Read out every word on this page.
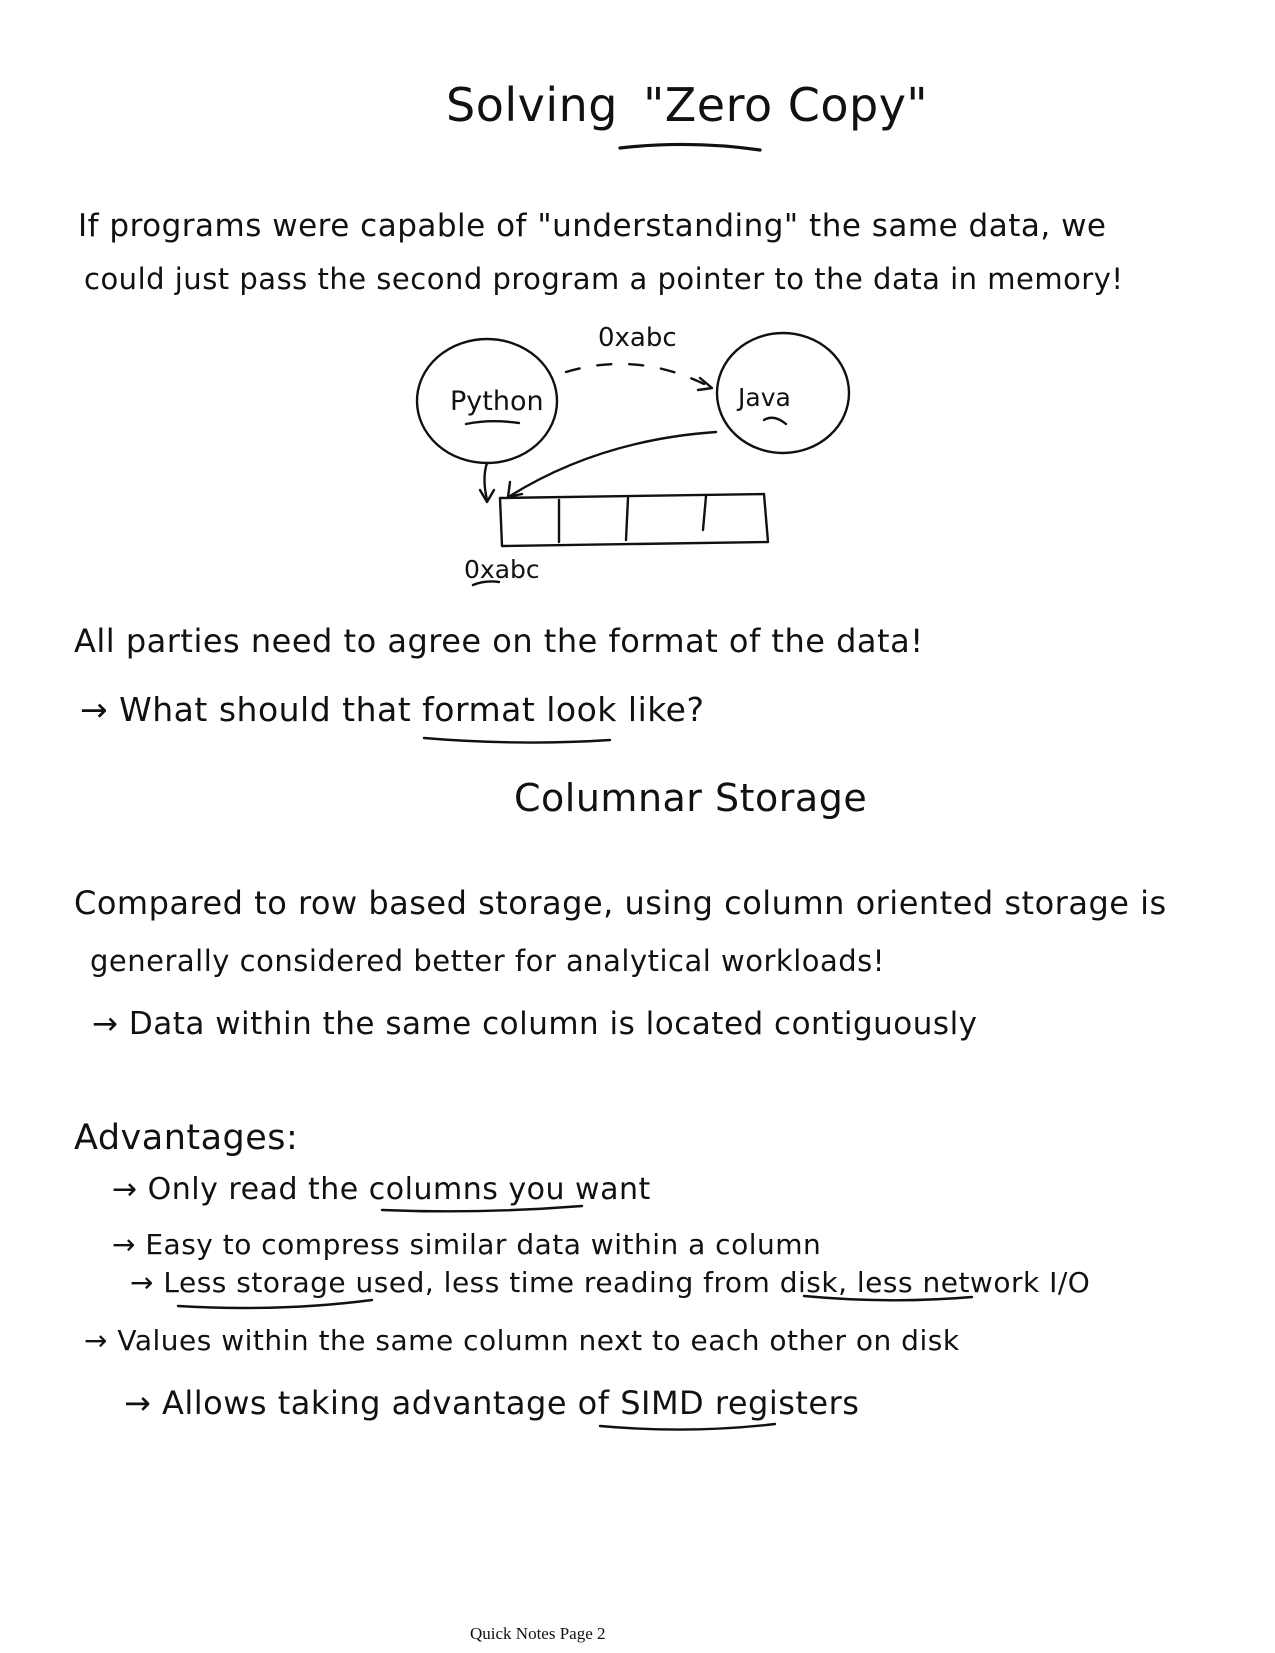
Solving "Zero Copy"
If programs were capable of "understanding" the same data, we
could just pass the second program a pointer to the data in memory!
0xabc
Python	Java
0xabc
All parties need to agree on the format of the data!
→ What should that format look like?
Columnar Storage
Compared to row based storage, using column oriented storage is
generally considered better for analytical workloads!
→ Data within the same column is located contiguously
Advantages:
→ Only read the columns you want
→ Easy to compress similar data within a column
→ Less storage used, less time reading from disk, less network I/O
→ Values within the same column next to each other on disk
→ Allows taking advantage of SIMD registers
Quick Notes Page 2
